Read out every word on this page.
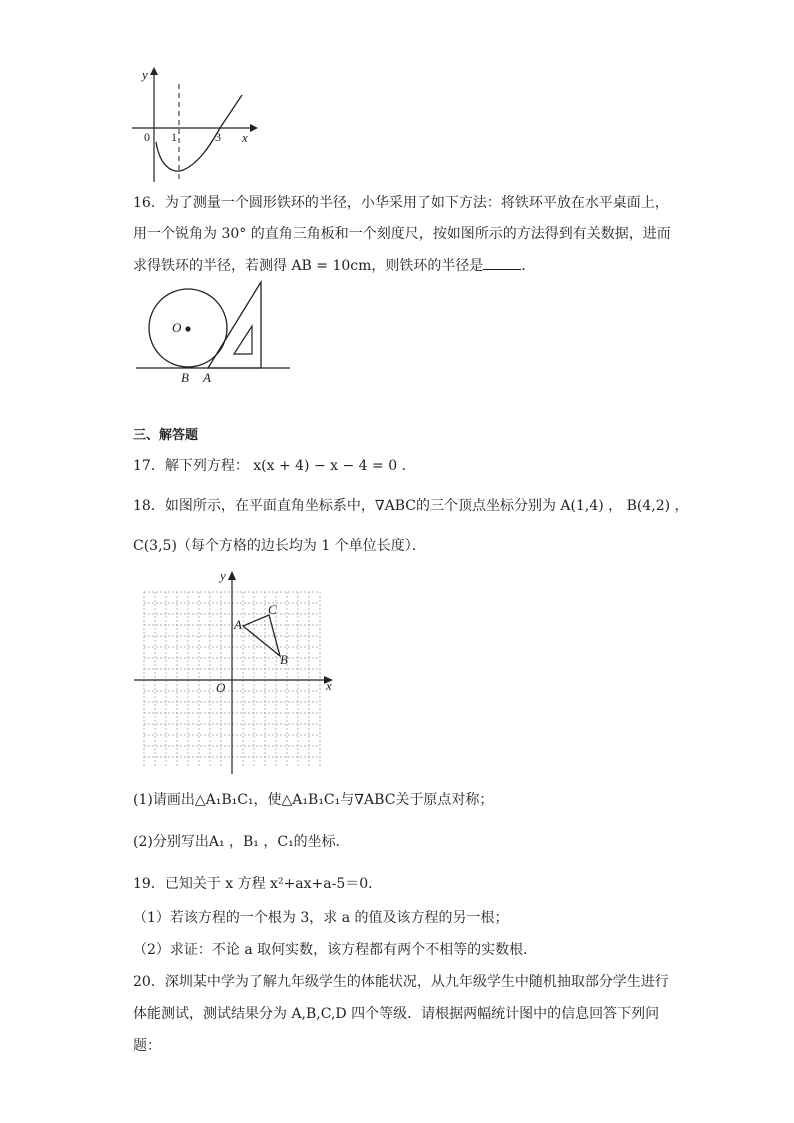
y
x
0 1	3
16．为了测量一个圆形铁环的半径，小华采用了如下方法：将铁环平放在水平桌面上，
用一个锐角为 30° 的直角三角板和一个刻度尺，按如图所示的方法得到有关数据，进而
求得铁环的半径，若测得 AB = 10cm，则铁环的半径是	．
O
B A
三、解答题
17．解下列方程： x(x + 4) − x − 4 = 0 ．
18．如图所示，在平面直角坐标系中，∇ABC的三个顶点坐标分别为 A(1,4) ， B(4,2) ，
C(3,5)（每个方格的边长均为 1 个单位长度）．
x
y
O
A
B
C
(1)请画出△A₁B₁C₁，使△A₁B₁C₁与∇ABC关于原点对称；
(2)分别写出A₁ ，B₁ ，C₁的坐标．
19．已知关于 x 方程 x²+ax+a-5＝0．
（1）若该方程的一个根为 3，求 a 的值及该方程的另一根；
（2）求证：不论 a 取何实数，该方程都有两个不相等的实数根．
20．深圳某中学为了解九年级学生的体能状况，从九年级学生中随机抽取部分学生进行
体能测试，测试结果分为 A,B,C,D 四个等级．请根据两幅统计图中的信息回答下列问
题：
